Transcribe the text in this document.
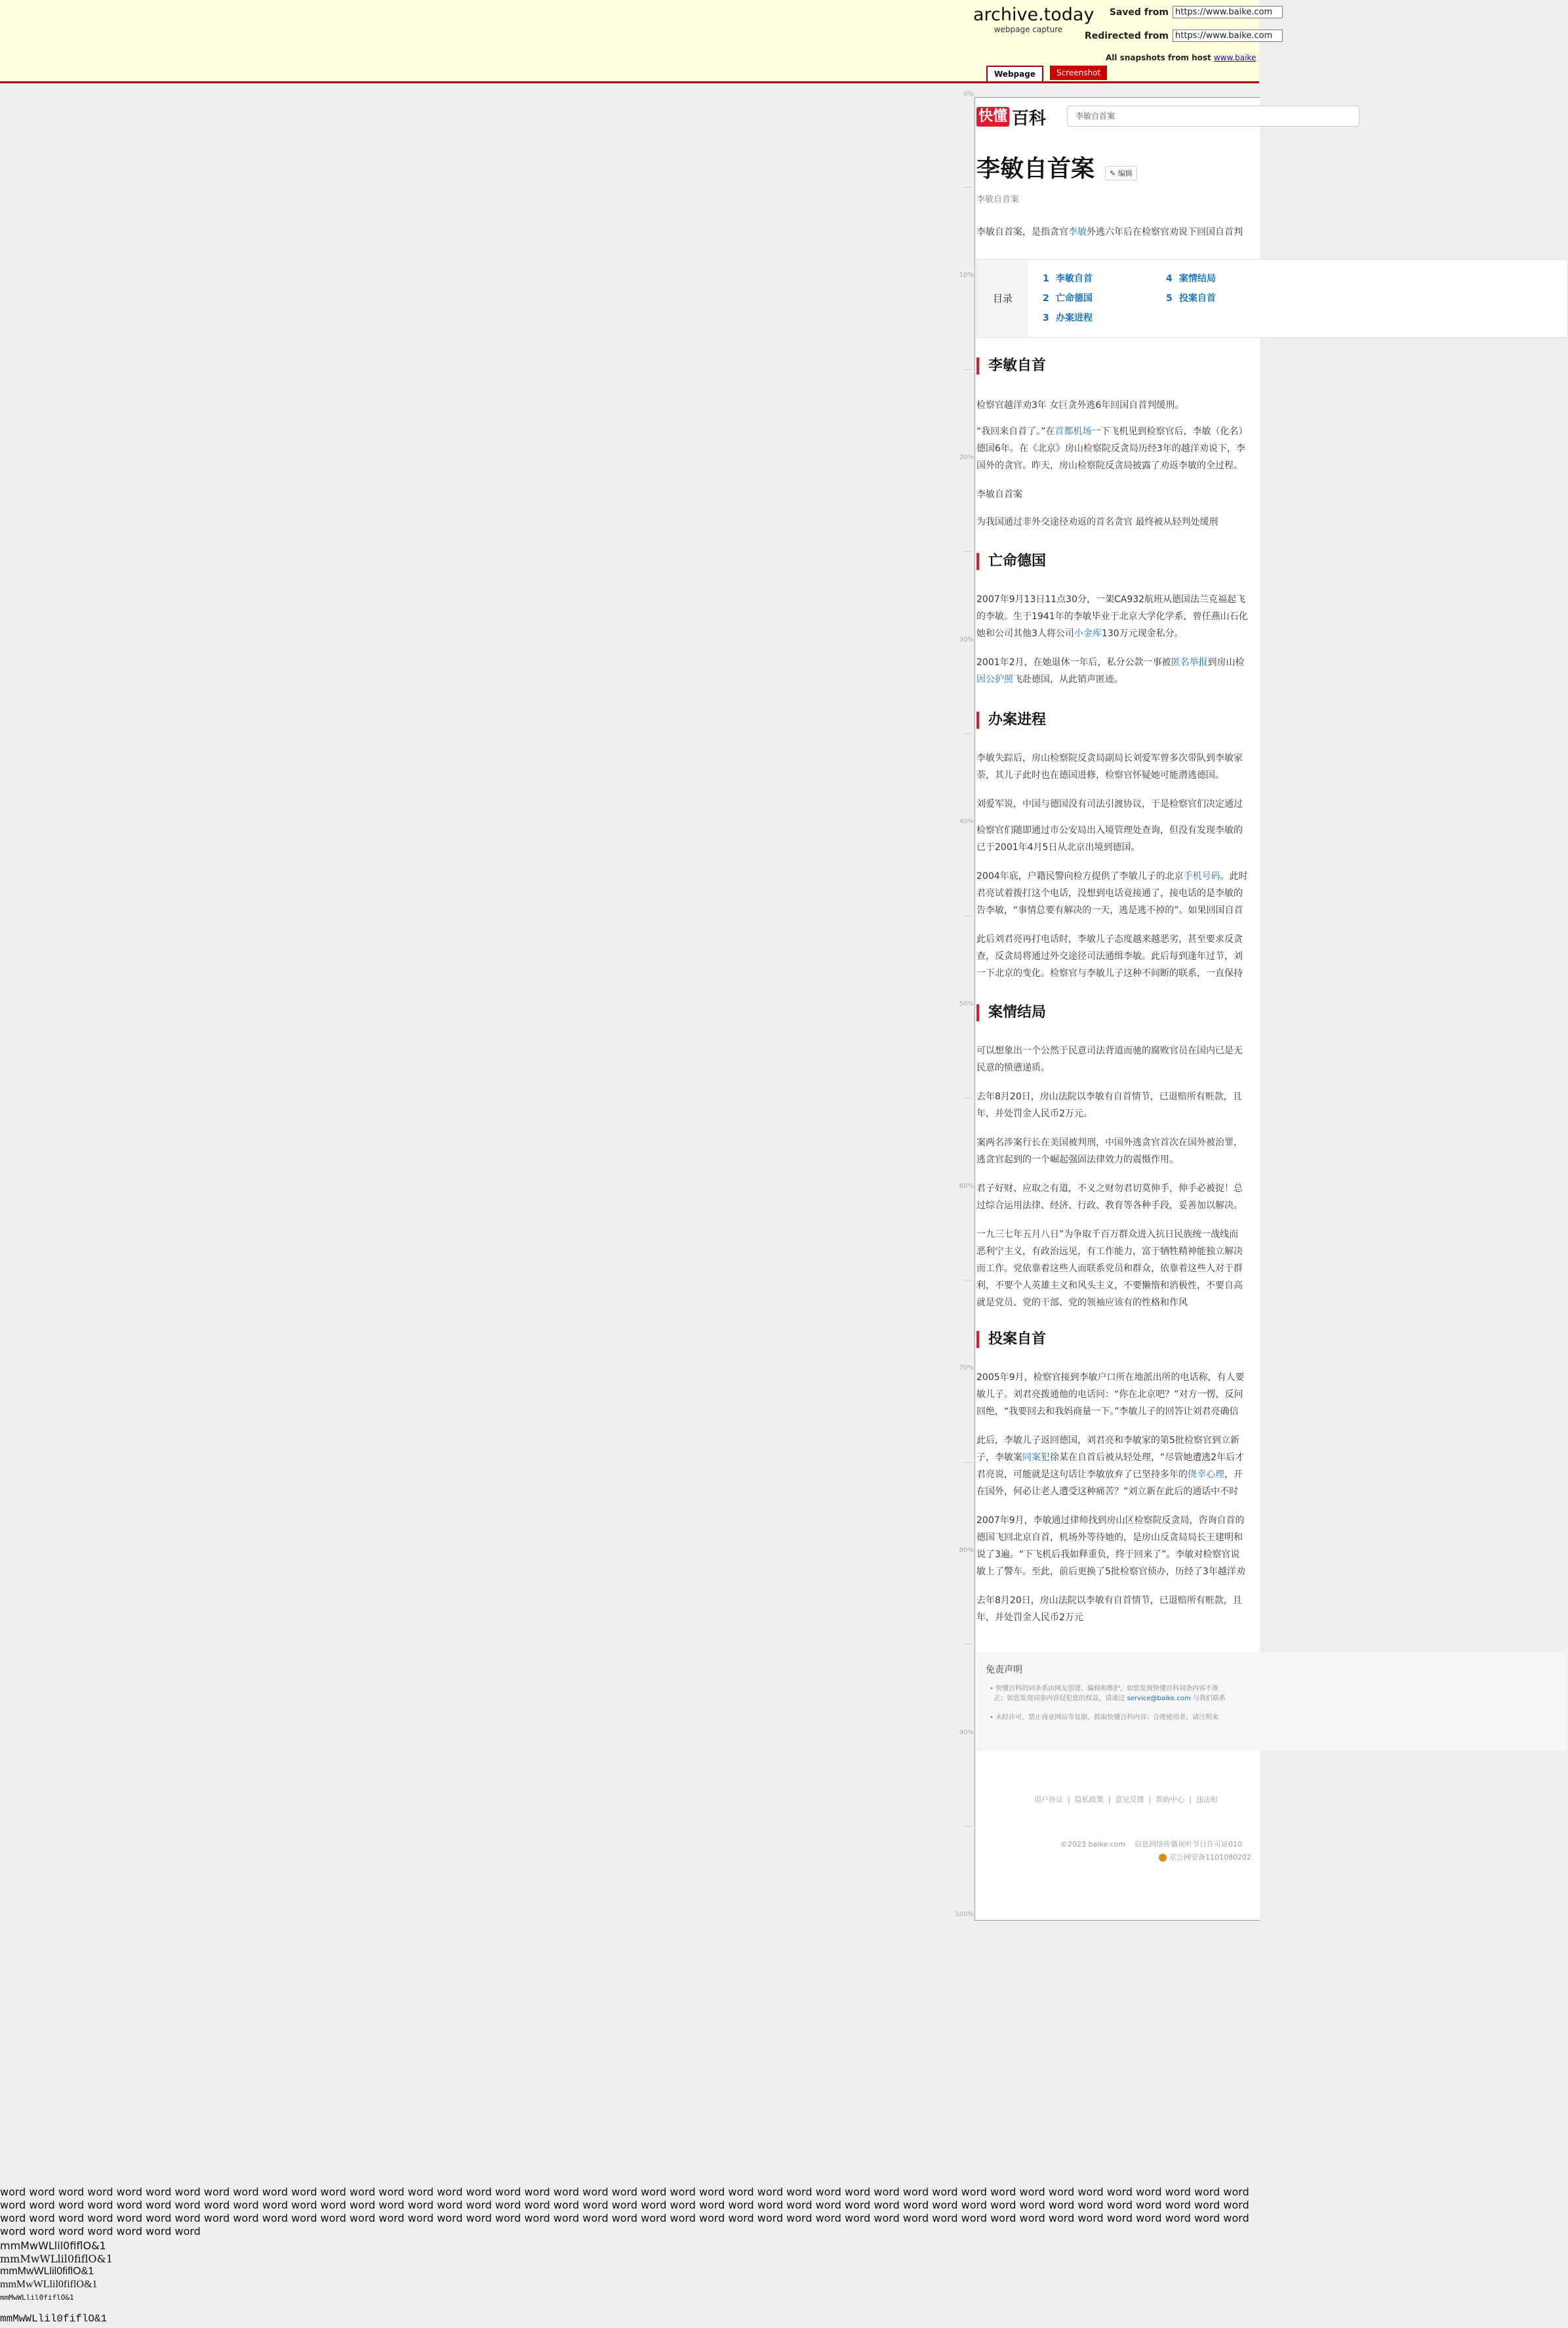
archive.today
webpage capture
Saved from https://www.baike.com
Redirected from https://www.baike.com
All snapshots from host www.baike
Webpage	Screenshot
0%
10%
20%
30%
40%
50%
60%
70%
80%
90%
100%
快懂 百科	李敏自首案
李敏自首案	✎ 编辑
李敏自首案
李敏自首案，是指贪官李敏外逃六年后在检察官劝说下回国自首判
目录
1 李敏自首
2 亡命德国
3 办案进程
4 案情结局
5 投案自首
李敏自首
检察官越洋劝3年 女巨贪外逃6年回国自首判缓刑。
“我回来自首了。”在首都机场一下飞机见到检察官后，李敏（化名）
德国6年。在《北京》房山检察院反贪局历经3年的越洋劝说下，李
国外的贪官。昨天，房山检察院反贪局披露了劝返李敏的全过程。
李敏自首案
为我国通过非外交途径劝返的首名贪官 最终被从轻判处缓刑
亡命德国
2007年9月13日11点30分，一架CA932航班从德国法兰克福起飞
的李敏。生于1941年的李敏毕业于北京大学化学系，曾任燕山石化
她和公司其他3人将公司小金库130万元现金私分。
2001年2月，在她退休一年后，私分公款一事被匿名举报到房山检
因公护照飞赴德国，从此销声匿迹。
办案进程
李敏失踪后，房山检察院反贪局副局长刘爱军曾多次带队到李敏家
荼，其儿子此时也在德国进修，检察官怀疑她可能潜逃德国。
刘爱军说，中国与德国没有司法引渡协议，于是检察官们决定通过
检察官们随即通过市公安局出入境管理处查询，但没有发现李敏的
已于2001年4月5日从北京出境到德国。
2004年底，户籍民警向检方提供了李敏儿子的北京手机号码。此时
君亮试着拨打这个电话，没想到电话竟接通了，接电话的是李敏的
告李敏，“事情总要有解决的一天，逃是逃不掉的”。如果回国自首
此后刘君亮再打电话时，李敏儿子态度越来越恶劣，甚至要求反贪
查，反贪局将通过外交途径司法通缉李敏。此后每到逢年过节，刘
一下北京的变化。检察官与李敏儿子这种不间断的联系，一直保持
案情结局
可以想象出一个公然于民意司法背道而驰的腐败官员在国内已是无
民意的愤懑递质。
去年8月20日，房山法院以李敏有自首情节，已退赔所有赃款，且
年，并处罚金人民币2万元。
案两名涉案行长在美国被判刑，中国外逃贪官首次在国外被治罪，
逃贪官起到的一个崛起强固法律效力的震慑作用。
君子好财、应取之有道，不义之财勿君切莫伸手，伸手必被捉！总
过综合运用法律、经济、行政、教育等各种手段，妥善加以解决。
一九三七年五月八日”为争取千百万群众进入抗日民族统一战线而
恶利宁主义，有政治远见，有工作能力，富于牺牲精神能独立解决
而工作。党依靠着这些人而联系党员和群众，依靠着这些人对于群
利，不要个人英雄主义和风头主义，不要懒惰和消极性，不要自高
就是党员、党的干部、党的领袖应该有的性格和作风
投案自首
2005年9月，检察官接到李敏户口所在地派出所的电话称，有人要
敏儿子。刘君亮拨通他的电话问：“你在北京吧？”对方一愣，反问
回绝，“我要回去和我妈商量一下。”李敏儿子的回答让刘君亮确信
此后，李敏儿子返回德国，刘君亮和李敏家的第5批检察官到立新
子，李敏案同案犯徐某在自首后被从轻处理，“尽管她遭逃2年后才
君亮说，可能就是这句话让李敏放弃了已坚持多年的侥幸心理，开
在国外，何必让老人遭受这种痛苦？”刘立新在此后的通话中不时
2007年9月，李敏通过律师找到房山区检察院反贪局，咨询自首的
德国飞回北京自首，机场外等待她的，是房山反贪局局长王建明和
说了3遍。“下飞机后我如释重负，终于回来了”。李敏对检察官说
敏上了警车。至此，前后更换了5批检察官侦办，历经了3年越洋劝
去年8月20日，房山法院以李敏有自首情节，已退赔所有赃款，且
年，并处罚金人民币2万元
免责声明
• 快懂百科的词条系由网友创建、编辑和维护，如您发现快懂百科词条内容不准
正；如您发现词条内容侵犯您的权益，请通过 service@baike.com 与我们联系
• 未经许可，禁止商业网站等复制、抓取快懂百科内容；合理使用者，请注明来
用户协议  |  隐私政策  |  意见反馈  |  帮助中心  |  违法和
©2023 baike.com 信息网络传播视听节目许可证010
京公网安备1101080202
word word word word word word word word word word word word word word word word word word word word word word word word word word word word word word word word word word word word word word word word word word word word word word word word word word word word word word word word word word word word word word word word word word word word word word word word word word word word word word word word word word word word word word word word word word word word word word word word word word word word word word word word word word word word word word word word word word word word word word word word word word word word word word word word word word word word word word word word
mmMwWLlil0fiflO&1
mmMwWLlil0fiflO&1
mmMwWLlil0fiflO&1
mmMwWLlil0fiflO&1
mmMwWLlil0fiflO&1
mmMwWLlil0fiflO&1
